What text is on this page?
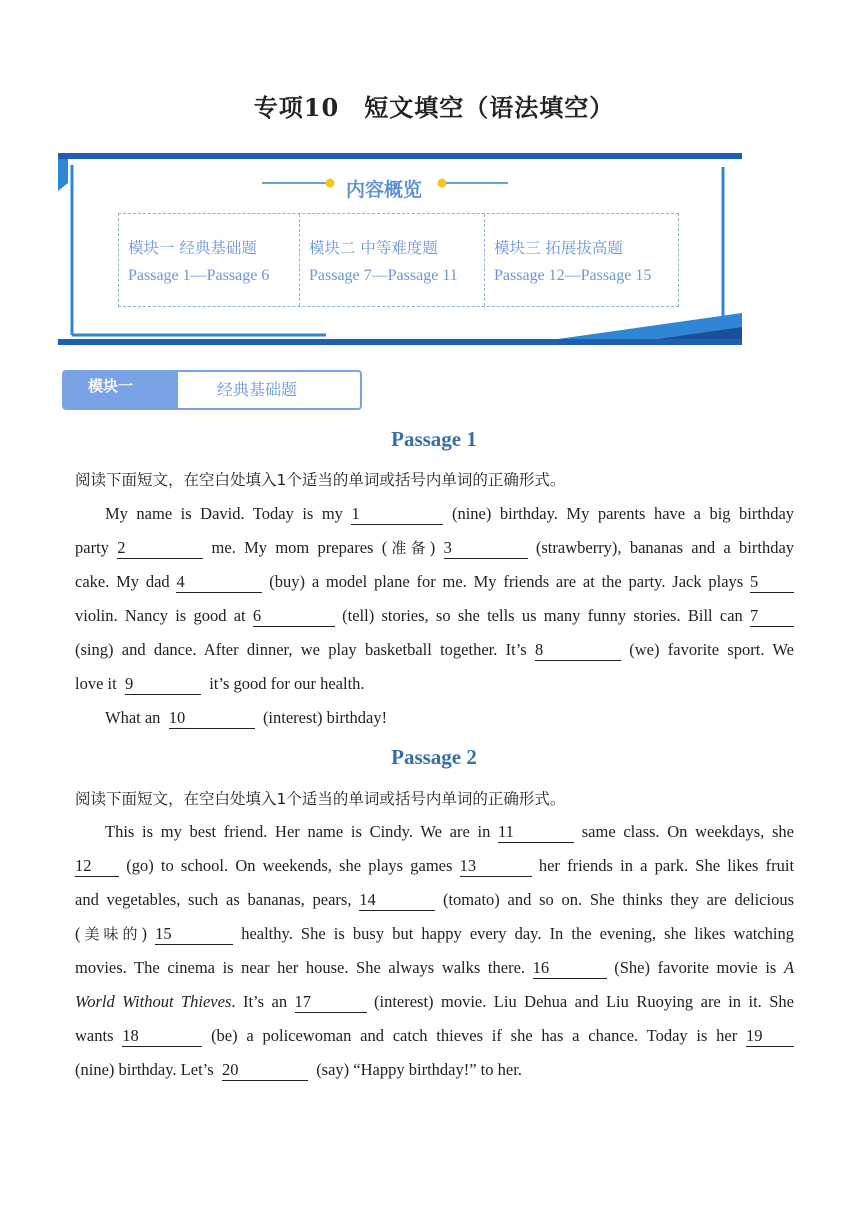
专项10　短文填空（语法填空）
内容概览
模块一 经典基础题
Passage 1—Passage 6
模块二 中等难度题
Passage 7—Passage 11
模块三 拓展拔高题
Passage 12—Passage 15
模块一	经典基础题
Passage 1
阅读下面短文，在空白处填入1个适当的单词或括号内单词的正确形式。
My name is David. Today is my 1	(nine) birthday. My parents have a big birthday
party 2	me. My mom prepares (准备) 3	(strawberry), bananas and a birthday
cake. My dad 4	(buy) a model plane for me. My friends are at the party. Jack plays 5
violin. Nancy is good at 6	(tell) stories, so she tells us many funny stories. Bill can 7
(sing) and dance. After dinner, we play basketball together. It’s 8	(we) favorite sport. We
love it 9	it’s good for our health.
What an 10	(interest) birthday!
Passage 2
阅读下面短文，在空白处填入1个适当的单词或括号内单词的正确形式。
This is my best friend. Her name is Cindy. We are in 11	same class. On weekdays, she
12 (go) to school. On weekends, she plays games 13	her friends in a park. She likes fruit
and vegetables, such as bananas, pears, 14	(tomato) and so on. She thinks they are delicious
(美味的) 15	healthy. She is busy but happy every day. In the evening, she likes watching
movies. The cinema is near her house. She always walks there. 16	(She) favorite movie is A
World Without Thieves. It’s an 17	(interest) movie. Liu Dehua and Liu Ruoying are in it. She
wants 18	(be) a policewoman and catch thieves if she has a chance. Today is her 19
(nine) birthday. Let’s 20	(say) “Happy birthday!” to her.
